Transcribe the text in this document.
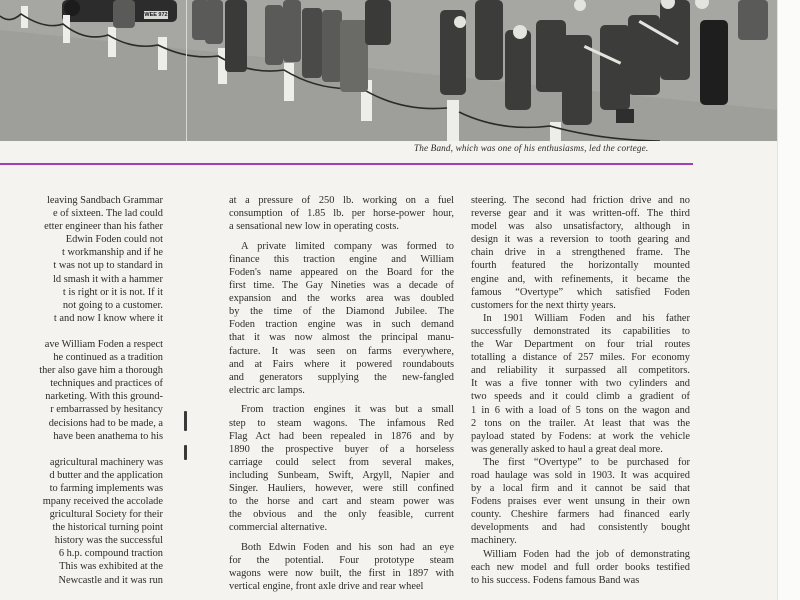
WEE 972
The Band, which was one of his enthusiasms, led the cortege.
leaving Sandbach Grammar
e of sixteen. The lad could
etter engineer than his father
Edwin Foden could not
t workmanship and if he
t was not up to standard in
ld smash it with a hammer
t is right or it is not. If it
not going to a customer.
t and now I know where it
ave William Foden a respect
he continued as a tradition
ther also gave him a thorough
techniques and practices of
narketing. With this ground-
r embarrassed by hesitancy
decisions had to be made, a
have been anathema to his
agricultural machinery was
d butter and the application
to farming implements was
mpany received the accolade
gricultural Society for their
the historical turning point
history was the successful
6 h.p. compound traction
This was exhibited at the
Newcastle and it was run
at a pressure of 250 lb. working on a fuel
consumption of 1.85 lb. per horse-power hour,
a sensational new low in operating costs.
A private limited company was formed to
finance this traction engine and William
Foden's name appeared on the Board for the
first time. The Gay Nineties was a decade of
expansion and the works area was doubled
by the time of the Diamond Jubilee. The
Foden traction engine was in such demand
that it was now almost the principal manu-
facture. It was seen on farms everywhere,
and at Fairs where it powered roundabouts
and generators supplying the new-fangled
electric arc lamps.
From traction engines it was but a small
step to steam wagons. The infamous Red
Flag Act had been repealed in 1876 and by
1890 the prospective buyer of a horseless
carriage could select from several makes,
including Sunbeam, Swift, Argyll, Napier and
Singer. Hauliers, however, were still confined
to the horse and cart and steam power was
the obvious and the only feasible, current
commercial alternative.
Both Edwin Foden and his son had an eye
for the potential. Four prototype steam
wagons were now built, the first in 1897 with
vertical engine, front axle drive and rear wheel
steering. The second had friction drive and no
reverse gear and it was written-off. The third
model was also unsatisfactory, although in
design it was a reversion to tooth gearing and
chain drive in a strengthened frame. The
fourth featured the horizontally mounted
engine and, with refinements, it became the
famous “Overtype” which satisfied Foden
customers for the next thirty years.
In 1901 William Foden and his father
successfully demonstrated its capabilities to
the War Department on four trial routes
totalling a distance of 257 miles. For economy
and reliability it surpassed all competitors.
It was a five tonner with two cylinders and
two speeds and it could climb a gradient of
1 in 6 with a load of 5 tons on the wagon and
2 tons on the trailer. At least that was the
payload stated by Fodens: at work the vehicle
was generally asked to haul a great deal more.
The first “Overtype” to be purchased for
road haulage was sold in 1903. It was acquired
by a local firm and it cannot be said that
Fodens praises ever went unsung in their own
county. Cheshire farmers had financed early
developments and had consistently bought
machinery.
William Foden had the job of demonstrating
each new model and full order books testified
to his success. Fodens famous Band was
